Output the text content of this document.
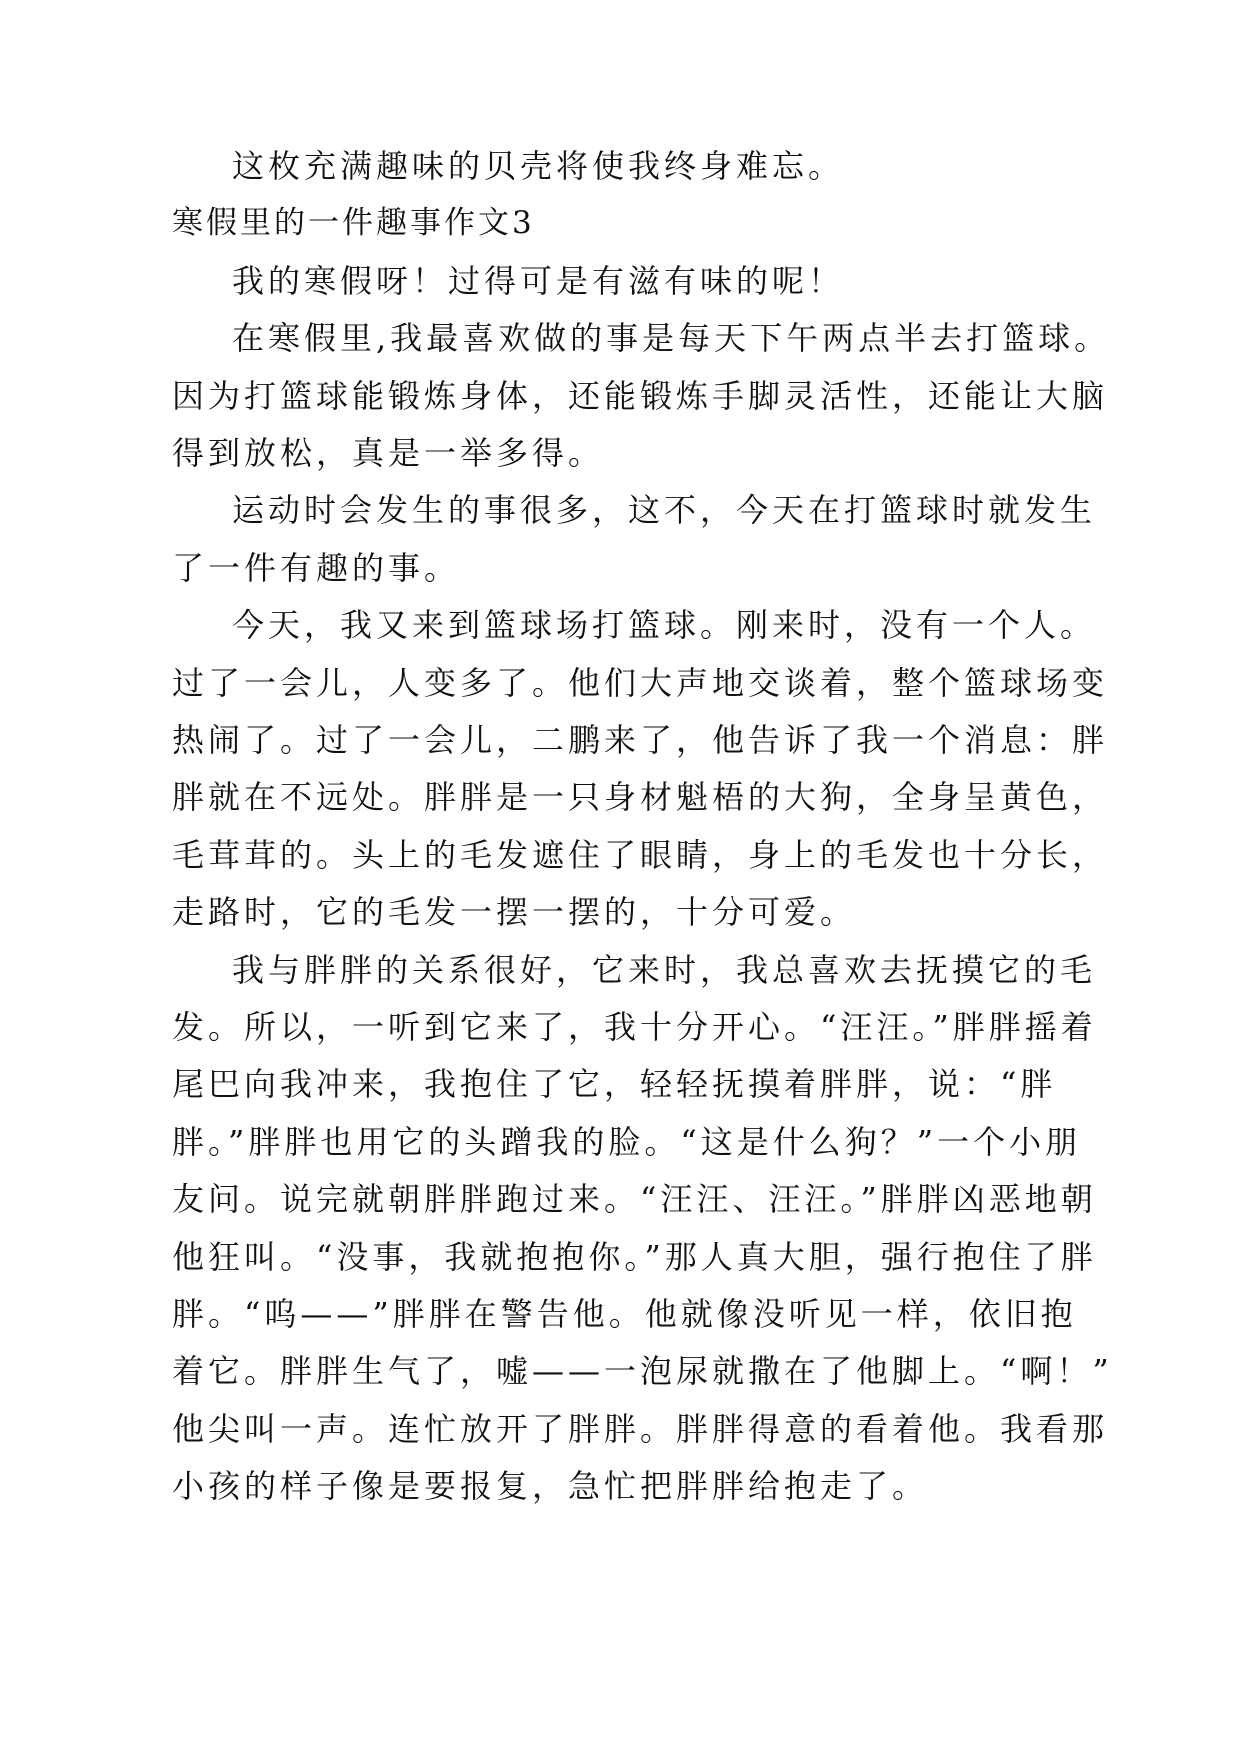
这枚充满趣味的贝壳将使我终身难忘。
寒假里的一件趣事作文3
我的寒假呀！过得可是有滋有味的呢！
在寒假里,我最喜欢做的事是每天下午两点半去打篮球。
因为打篮球能锻炼身体，还能锻炼手脚灵活性，还能让大脑
得到放松，真是一举多得。
运动时会发生的事很多，这不，今天在打篮球时就发生
了一件有趣的事。
今天，我又来到篮球场打篮球。刚来时，没有一个人。
过了一会儿，人变多了。他们大声地交谈着，整个篮球场变
热闹了。过了一会儿，二鹏来了，他告诉了我一个消息：胖
胖就在不远处。胖胖是一只身材魁梧的大狗，全身呈黄色，
毛茸茸的。头上的毛发遮住了眼睛，身上的毛发也十分长，
走路时，它的毛发一摆一摆的，十分可爱。
我与胖胖的关系很好，它来时，我总喜欢去抚摸它的毛
发。所以，一听到它来了，我十分开心。“汪汪。”胖胖摇着
尾巴向我冲来，我抱住了它，轻轻抚摸着胖胖，说：“胖
胖。”胖胖也用它的头蹭我的脸。“这是什么狗？”一个小朋
友问。说完就朝胖胖跑过来。“汪汪、汪汪。”胖胖凶恶地朝
他狂叫。“没事，我就抱抱你。”那人真大胆，强行抱住了胖
胖。“呜——”胖胖在警告他。他就像没听见一样，依旧抱
着它。胖胖生气了，嘘——一泡尿就撒在了他脚上。“啊！”
他尖叫一声。连忙放开了胖胖。胖胖得意的看着他。我看那
小孩的样子像是要报复，急忙把胖胖给抱走了。
